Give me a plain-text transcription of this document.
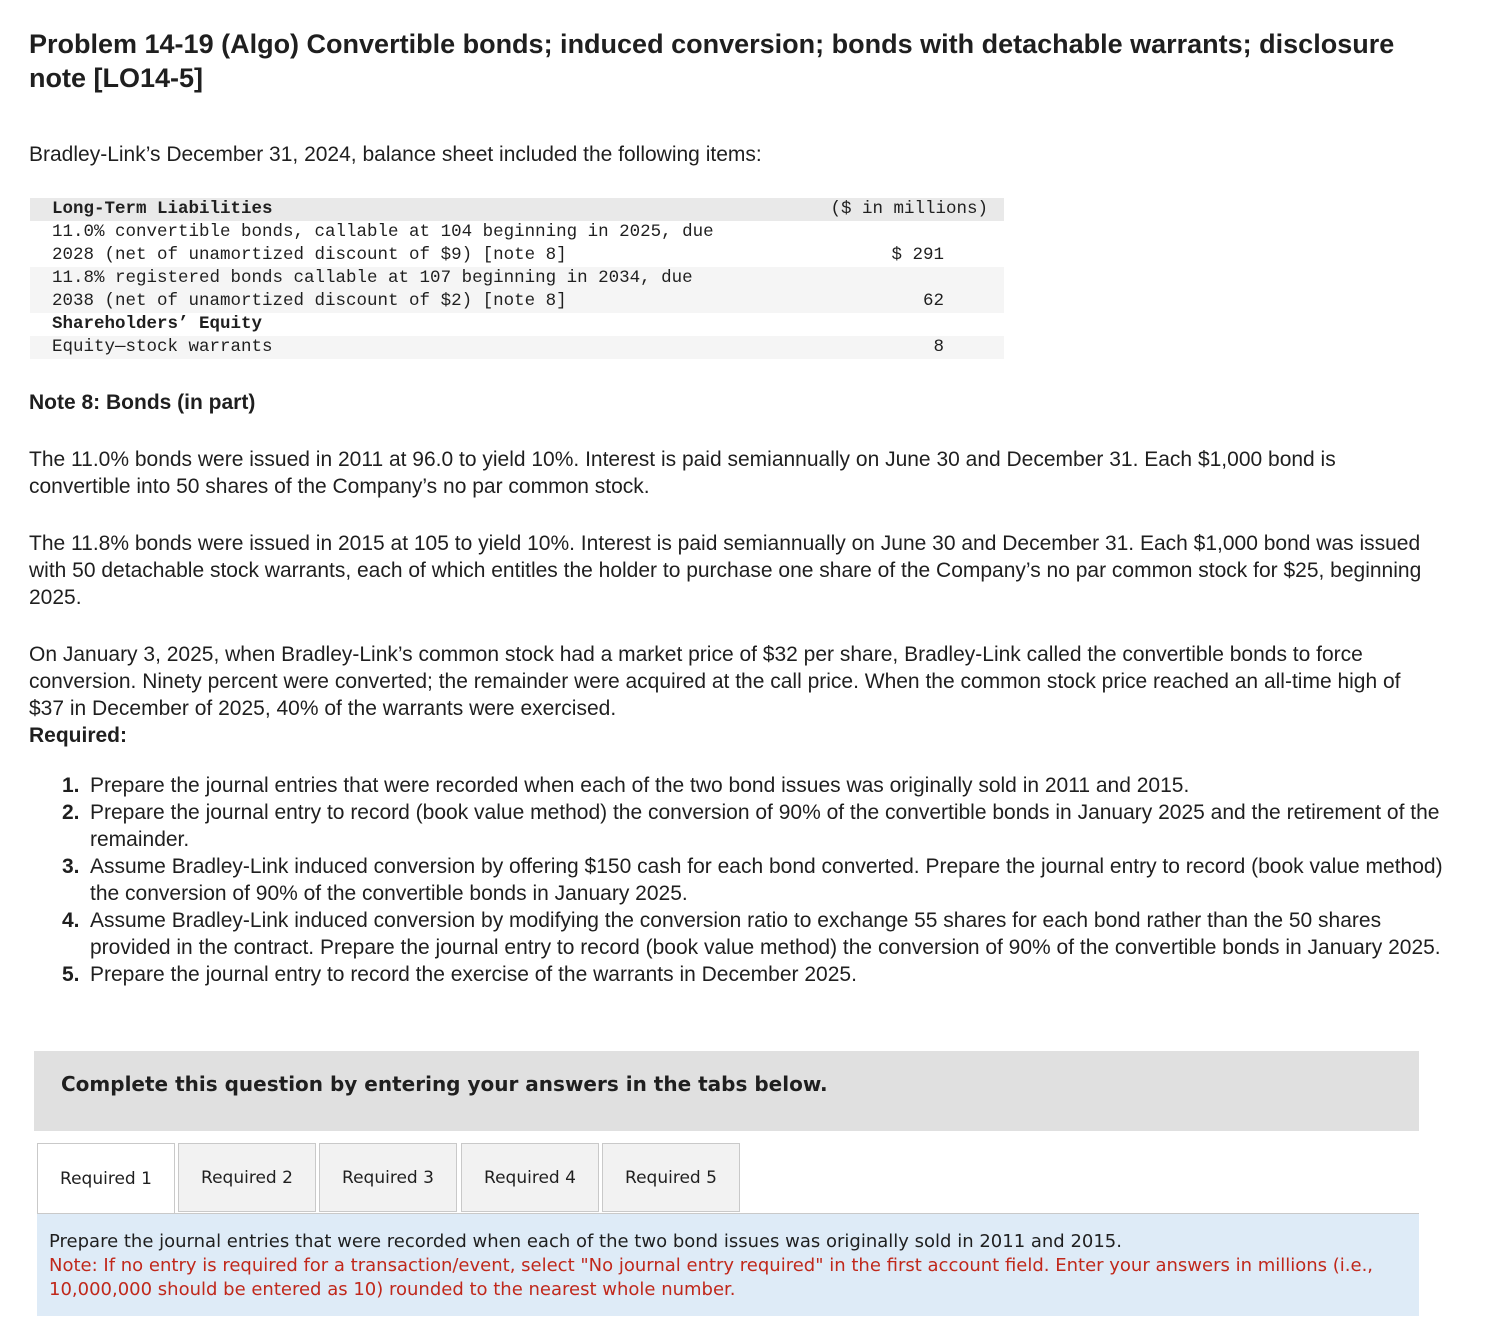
Problem 14-19 (Algo) Convertible bonds; induced conversion; bonds with detachable warrants; disclosure note [LO14-5]

Bradley-Link’s December 31, 2024, balance sheet included the following items:

Long-Term Liabilities	($ in millions)
11.0% convertible bonds, callable at 104 beginning in 2025, due
2028 (net of unamortized discount of $9) [note 8]	$ 291
11.8% registered bonds callable at 107 beginning in 2034, due
2038 (net of unamortized discount of $2) [note 8]	62
Shareholders’ Equity
Equity—stock warrants	8

Note 8: Bonds (in part)

The 11.0% bonds were issued in 2011 at 96.0 to yield 10%. Interest is paid semiannually on June 30 and December 31. Each $1,000 bond is convertible into 50 shares of the Company’s no par common stock.

The 11.8% bonds were issued in 2015 at 105 to yield 10%. Interest is paid semiannually on June 30 and December 31. Each $1,000 bond was issued with 50 detachable stock warrants, each of which entitles the holder to purchase one share of the Company’s no par common stock for $25, beginning 2025.

On January 3, 2025, when Bradley-Link’s common stock had a market price of $32 per share, Bradley-Link called the convertible bonds to force conversion. Ninety percent were converted; the remainder were acquired at the call price. When the common stock price reached an all-time high of $37 in December of 2025, 40% of the warrants were exercised.

Required:

1. Prepare the journal entries that were recorded when each of the two bond issues was originally sold in 2011 and 2015.
2. Prepare the journal entry to record (book value method) the conversion of 90% of the convertible bonds in January 2025 and the retirement of the remainder.
3. Assume Bradley-Link induced conversion by offering $150 cash for each bond converted. Prepare the journal entry to record (book value method) the conversion of 90% of the convertible bonds in January 2025.
4. Assume Bradley-Link induced conversion by modifying the conversion ratio to exchange 55 shares for each bond rather than the 50 shares provided in the contract. Prepare the journal entry to record (book value method) the conversion of 90% of the convertible bonds in January 2025.
5. Prepare the journal entry to record the exercise of the warrants in December 2025.
Complete this question by entering your answers in the tabs below.
Required 1	Required 2	Required 3	Required 4	Required 5
Prepare the journal entries that were recorded when each of the two bond issues was originally sold in 2011 and 2015.
Note: If no entry is required for a transaction/event, select "No journal entry required" in the first account field. Enter your answers in millions (i.e., 10,000,000 should be entered as 10) rounded to the nearest whole number.
